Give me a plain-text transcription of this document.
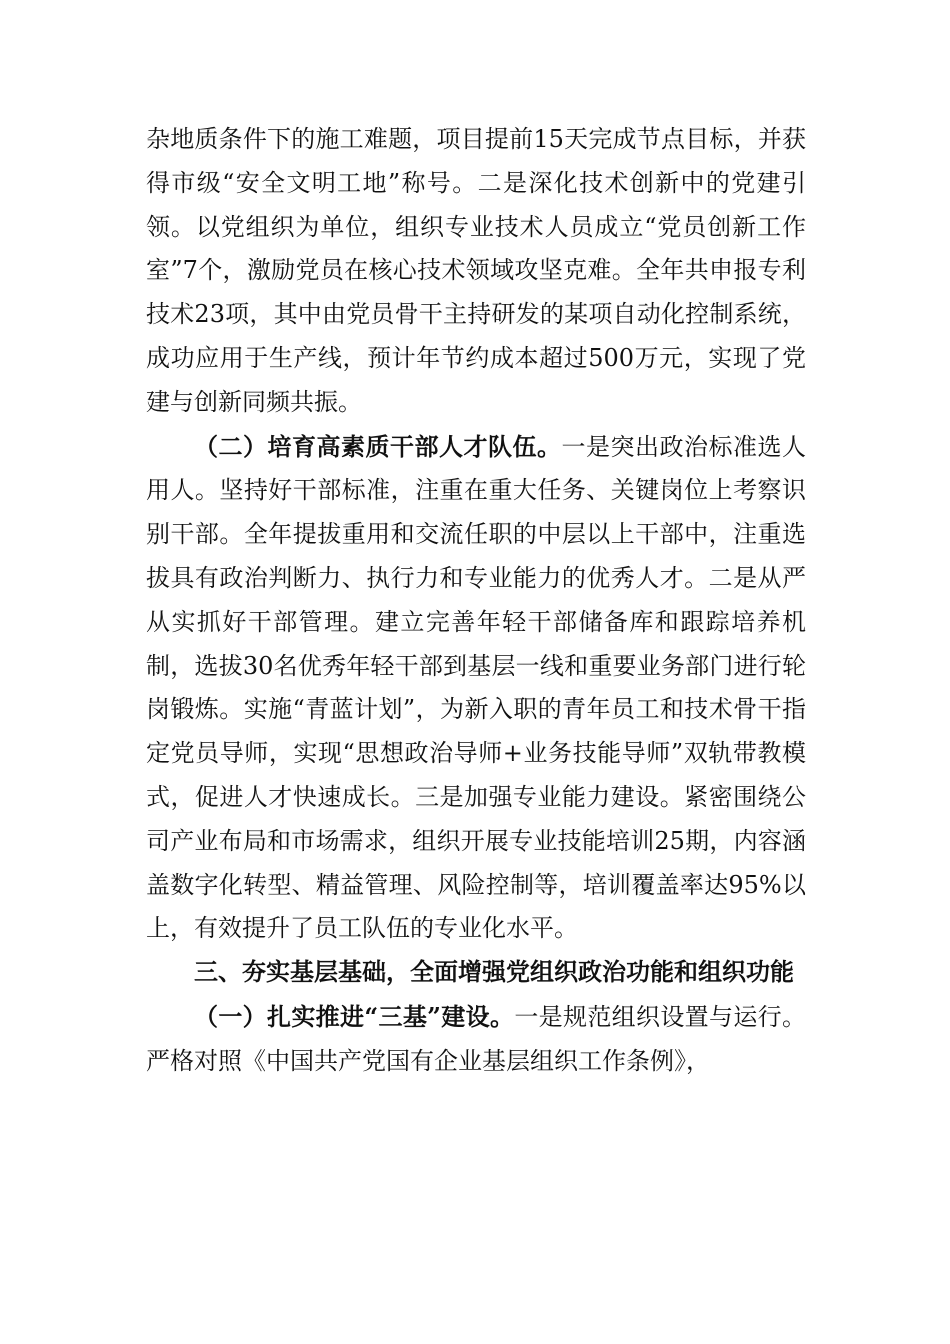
杂地质条件下的施工难题，项目提前15天完成节点目标，并获得市级“安全文明工地”称号。二是深化技术创新中的党建引领。以党组织为单位，组织专业技术人员成立“党员创新工作室”7个，激励党员在核心技术领域攻坚克难。全年共申报专利技术23项，其中由党员骨干主持研发的某项自动化控制系统，成功应用于生产线，预计年节约成本超过500万元，实现了党建与创新同频共振。

（二）培育高素质干部人才队伍。一是突出政治标准选人用人。坚持好干部标准，注重在重大任务、关键岗位上考察识别干部。全年提拔重用和交流任职的中层以上干部中，注重选拔具有政治判断力、执行力和专业能力的优秀人才。二是从严从实抓好干部管理。建立完善年轻干部储备库和跟踪培养机制，选拔30名优秀年轻干部到基层一线和重要业务部门进行轮岗锻炼。实施“青蓝计划”，为新入职的青年员工和技术骨干指定党员导师，实现“思想政治导师+业务技能导师”双轨带教模式，促进人才快速成长。三是加强专业能力建设。紧密围绕公司产业布局和市场需求，组织开展专业技能培训25期，内容涵盖数字化转型、精益管理、风险控制等，培训覆盖率达95%以上，有效提升了员工队伍的专业化水平。

三、夯实基层基础，全面增强党组织政治功能和组织功能

（一）扎实推进“三基”建设。一是规范组织设置与运行。严格对照《中国共产党国有企业基层组织工作条例》，
